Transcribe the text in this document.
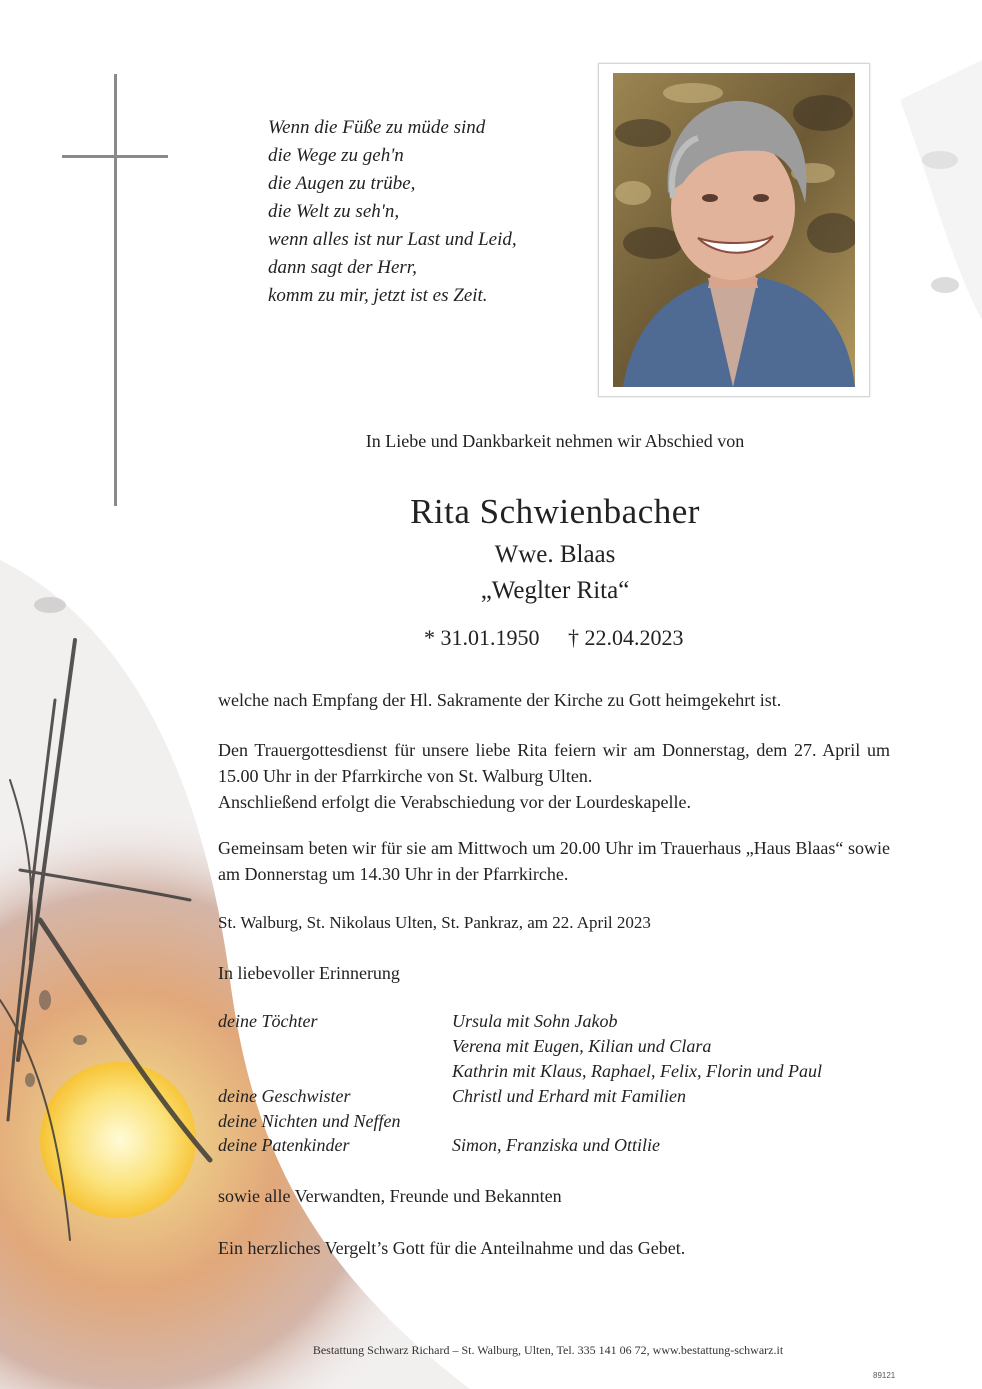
Wenn die Füße zu müde sind
die Wege zu geh'n
die Augen zu trübe,
die Welt zu seh'n,
wenn alles ist nur Last und Leid,
dann sagt der Herr,
komm zu mir, jetzt ist es Zeit.
In Liebe und Dankbarkeit nehmen wir Abschied von
Rita Schwienbacher
Wwe. Blaas
„Weglter Rita“
* 31.01.1950 † 22.04.2023
welche nach Empfang der Hl. Sakramente der Kirche zu Gott heimgekehrt ist.
Den Trauergottesdienst für unsere liebe Rita feiern wir am Donnerstag, dem 27. April um 15.00 Uhr in der Pfarrkirche von St. Walburg Ulten.
Anschließend erfolgt die Verabschiedung vor der Lourdeskapelle.
Gemeinsam beten wir für sie am Mittwoch um 20.00 Uhr im Trauerhaus „Haus Blaas“ sowie am Donnerstag um 14.30 Uhr in der Pfarrkirche.
St. Walburg, St. Nikolaus Ulten, St. Pankraz, am 22. April 2023
In liebevoller Erinnerung
deine Töchter	Ursula mit Sohn Jakob
Verena mit Eugen, Kilian und Clara
Kathrin mit Klaus, Raphael, Felix, Florin und Paul
deine Geschwister	Christl und Erhard mit Familien
deine Nichten und Neffen
deine Patenkinder	Simon, Franziska und Ottilie
sowie alle Verwandten, Freunde und Bekannten
Ein herzliches Vergelt’s Gott für die Anteilnahme und das Gebet.
Bestattung Schwarz Richard – St. Walburg, Ulten, Tel. 335 141 06 72, www.bestattung-schwarz.it
89121
